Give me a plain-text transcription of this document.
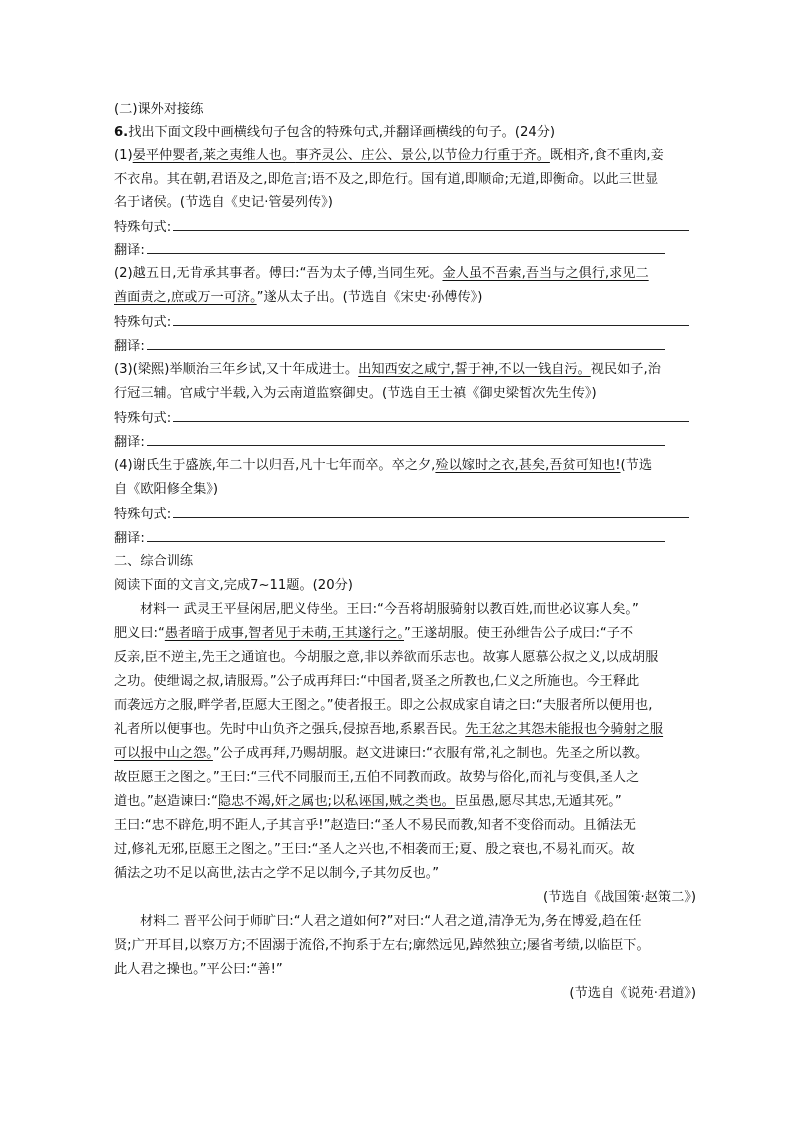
(二)课外对接练
6.找出下面文段中画横线句子包含的特殊句式,并翻译画横线的句子。(24分)
(1)晏平仲婴者,莱之夷维人也。事齐灵公、庄公、景公,以节俭力行重于齐。既相齐,食不重肉,妾
不衣帛。其在朝,君语及之,即危言;语不及之,即危行。国有道,即顺命;无道,即衡命。以此三世显
名于诸侯。(节选自《史记·管晏列传》)
特殊句式:
翻译:
(2)越五日,无肯承其事者。傅曰:“吾为太子傅,当同生死。金人虽不吾索,吾当与之俱行,求见二
酋面责之,庶或万一可济。”遂从太子出。(节选自《宋史·孙傅传》)
特殊句式:
翻译:
(3)(梁熙)举顺治三年乡试,又十年成进士。出知西安之咸宁,誓于神,不以一钱自污。视民如子,治
行冠三辅。官咸宁半载,入为云南道监察御史。(节选自王士禛《御史梁皙次先生传》)
特殊句式:
翻译:
(4)谢氏生于盛族,年二十以归吾,凡十七年而卒。卒之夕,殓以嫁时之衣,甚矣,吾贫可知也!(节选
自《欧阳修全集》)
特殊句式:
翻译:
二、综合训练
阅读下面的文言文,完成7~11题。(20分)
材料一 武灵王平昼闲居,肥义侍坐。王曰:“今吾将胡服骑射以教百姓,而世必议寡人矣。”
肥义曰:“愚者暗于成事,智者见于未萌,王其遂行之。”王遂胡服。使王孙绁告公子成曰:“子不
反亲,臣不逆主,先王之通谊也。今胡服之意,非以养欲而乐志也。故寡人愿慕公叔之义,以成胡服
之功。使绁谒之叔,请服焉。”公子成再拜曰:“中国者,贤圣之所教也,仁义之所施也。今王释此
而袭远方之服,畔学者,臣愿大王图之。”使者报王。即之公叔成家自请之曰:“夫服者所以便用也,
礼者所以便事也。先时中山负齐之强兵,侵掠吾地,系累吾民。先王忿之其怨未能报也今骑射之服
可以报中山之怨。”公子成再拜,乃赐胡服。赵文进谏曰:“衣服有常,礼之制也。先圣之所以教。
故臣愿王之图之。”王曰:“三代不同服而王,五伯不同教而政。故势与俗化,而礼与变俱,圣人之
道也。”赵造谏曰:“隐忠不竭,奸之属也;以私诬国,贼之类也。臣虽愚,愿尽其忠,无遁其死。”
王曰:“忠不辟危,明不距人,子其言乎!”赵造曰:“圣人不易民而教,知者不变俗而动。且循法无
过,修礼无邪,臣愿王之图之。”王曰:“圣人之兴也,不相袭而王;夏、殷之衰也,不易礼而灭。故
循法之功不足以高世,法古之学不足以制今,子其勿反也。”
(节选自《战国策·赵策二》)
材料二 晋平公问于师旷曰:“人君之道如何?”对曰:“人君之道,清净无为,务在博爱,趋在任
贤;广开耳目,以察万方;不固溺于流俗,不拘系于左右;廓然远见,踔然独立;屡省考绩,以临臣下。
此人君之操也。”平公曰:“善!”
(节选自《说苑·君道》)
